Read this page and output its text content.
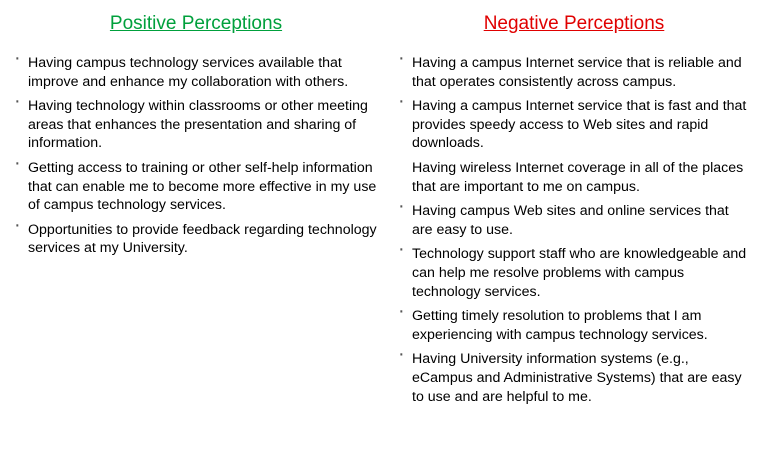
Positive Perceptions
· Having campus technology services available that improve and enhance my collaboration with others.
· Having technology within classrooms or other meeting areas that enhances the presentation and sharing of information.
· Getting access to training or other self-help information that can enable me to become more effective in my use of campus technology services.
· Opportunities to provide feedback regarding technology services at my University.
Negative Perceptions
· Having a campus Internet service that is reliable and that operates consistently across campus.
· Having a campus Internet service that is fast and that provides speedy access to Web sites and rapid downloads.
Having wireless Internet coverage in all of the places that are important to me on campus.
· Having campus Web sites and online services that are easy to use.
· Technology support staff who are knowledgeable and can help me resolve problems with campus technology services.
· Getting timely resolution to problems that I am experiencing with campus technology services.
· Having University information systems (e.g., eCampus and Administrative Systems) that are easy to use and are helpful to me.
